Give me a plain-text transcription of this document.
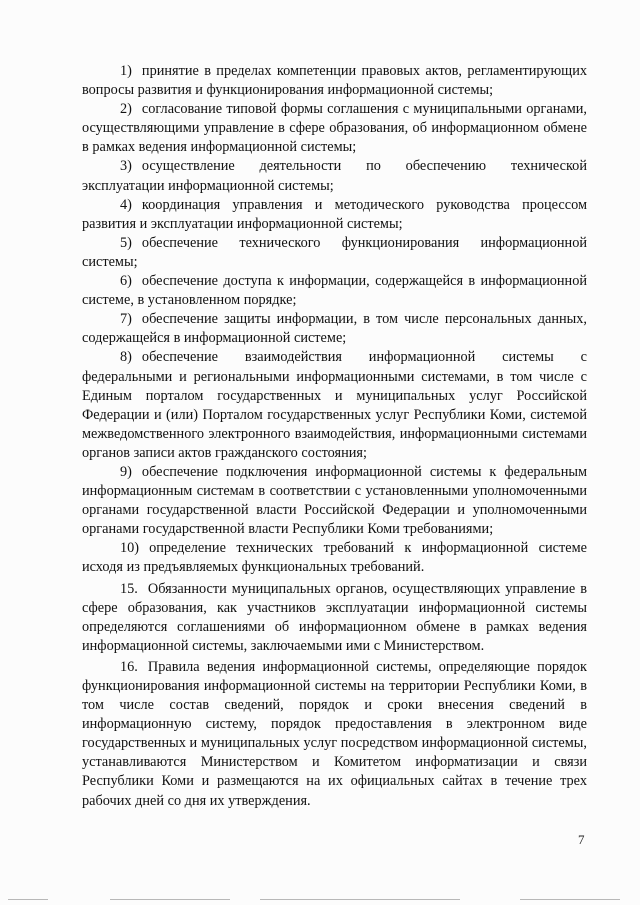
1) принятие в пределах компетенции правовых актов, регламентирующих вопросы развития и функционирования информационной системы;

2) согласование типовой формы соглашения с муниципальными органами, осуществляющими управление в сфере образования, об информационном обмене в рамках ведения информационной системы;

3) осуществление деятельности по обеспечению технической эксплуатации информационной системы;

4) координация управления и методического руководства процессом развития и эксплуатации информационной системы;

5) обеспечение технического функционирования информационной системы;

6) обеспечение доступа к информации, содержащейся в информационной системе, в установленном порядке;

7) обеспечение защиты информации, в том числе персональных данных, содержащейся в информационной системе;

8) обеспечение взаимодействия информационной системы с федеральными и региональными информационными системами, в том числе с Единым порталом государственных и муниципальных услуг Российской Федерации и (или) Порталом государственных услуг Республики Коми, системой межведомственного электронного взаимодействия, информационными системами органов записи актов гражданского состояния;

9) обеспечение подключения информационной системы к федеральным информационным системам в соответствии с установленными уполномоченными органами государственной власти Российской Федерации и уполномоченными органами государственной власти Республики Коми требованиями;

10) определение технических требований к информационной системе исходя из предъявляемых функциональных требований.

15. Обязанности муниципальных органов, осуществляющих управление в сфере образования, как участников эксплуатации информационной системы определяются соглашениями об информационном обмене в рамках ведения информационной системы, заключаемыми ими с Министерством.

16. Правила ведения информационной системы, определяющие порядок функционирования информационной системы на территории Республики Коми, в том числе состав сведений, порядок и сроки внесения сведений в информационную систему, порядок предоставления в электронном виде государственных и муниципальных услуг посредством информационной системы, устанавливаются Министерством и Комитетом информатизации и связи Республики Коми и размещаются на их официальных сайтах в течение трех рабочих дней со дня их утверждения.

7
